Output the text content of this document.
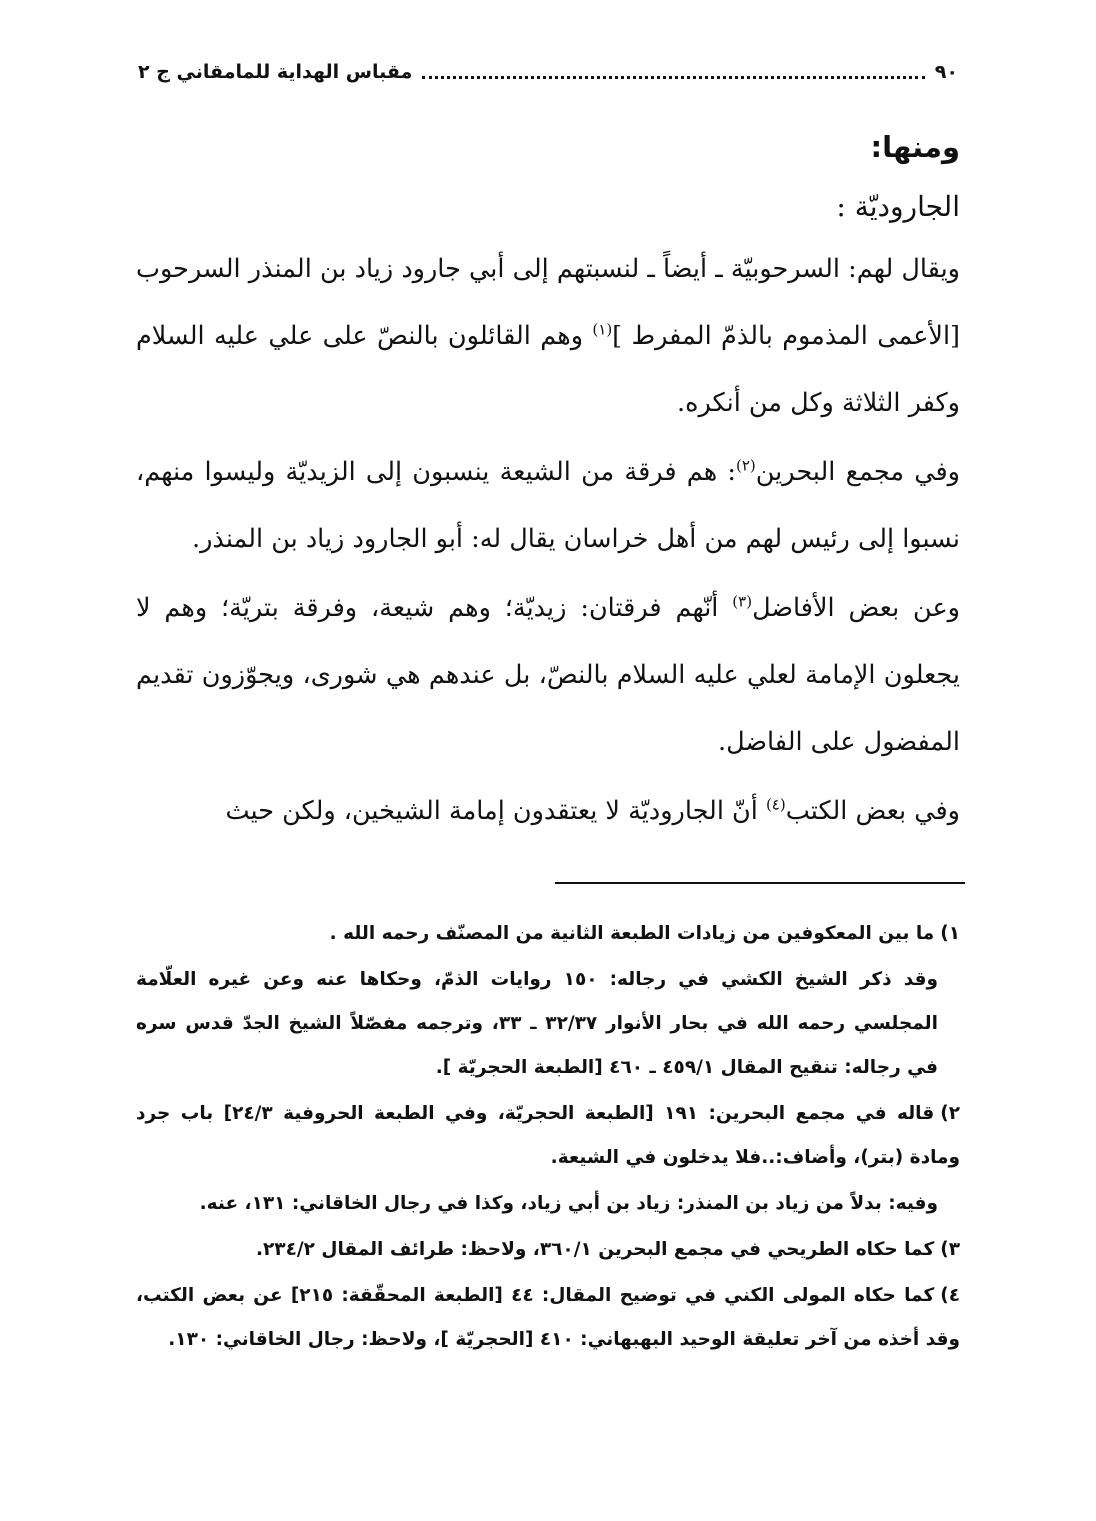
٩٠
مقباس الهداية للمامقاني ج ٢
ومنها:
الجاروديّة :

ويقال لهم: السرحوبيّة ـ أيضاً ـ لنسبتهم إلى أبي جارود زياد بن المنذر السرحوب [الأعمى المذموم بالذمّ المفرط ]$^{(١)}$ وهم القائلون بالنصّ على علي عليه السلام وكفر الثلاثة وكل من أنكره.

وفي مجمع البحرين$^{(٢)}$: هم فرقة من الشيعة ينسبون إلى الزيديّة وليسوا منهم، نسبوا إلى رئيس لهم من أهل خراسان يقال له: أبو الجارود زياد بن المنذر.

وعن بعض الأفاضل$^{(٣)}$ أنّهم فرقتان: زيديّة؛ وهم شيعة، وفرقة بتريّة؛ وهم لا يجعلون الإمامة لعلي عليه السلام بالنصّ، بل عندهم هي شورى، ويجوّزون تقديم المفضول على الفاضل.

وفي بعض الكتب$^{(٤)}$ أنّ الجاروديّة لا يعتقدون إمامة الشيخين، ولكن حيث

١)ما بين المعكوفين من زيادات الطبعة الثانية من المصنّف رحمه الله .

وقد ذكر الشيخ الكشي في رجاله: ١٥٠ روايات الذمّ، وحكاها عنه وعن غيره العلّامة المجلسي رحمه الله في بحار الأنوار ٣٢/٣٧ ـ ٣٣، وترجمه مفصّلاً الشيخ الجدّ قدس سره في رجاله: تنقيح المقال ٤٥٩/١ ـ ٤٦٠ [الطبعة الحجريّة ].

٢)قاله في مجمع البحرين: ١٩١ [الطبعة الحجريّة، وفي الطبعة الحروفية ٢٤/٣] باب جرد ومادة (بتر)، وأضاف:..فلا يدخلون في الشيعة.

وفيه: بدلاً من زياد بن المنذر: زياد بن أبي زياد، وكذا في رجال الخاقاني: ١٣١، عنه.

٣)كما حكاه الطريحي في مجمع البحرين ٣٦٠/١، ولاحظ: طرائف المقال ٢٣٤/٢.

٤)كما حكاه المولى الكني في توضيح المقال: ٤٤ [الطبعة المحقّقة: ٢١٥] عن بعض الكتب، وقد أخذه من آخر تعليقة الوحيد البهبهاني: ٤١٠ [الحجريّة ]، ولاحظ: رجال الخاقاني: ١٣٠.
